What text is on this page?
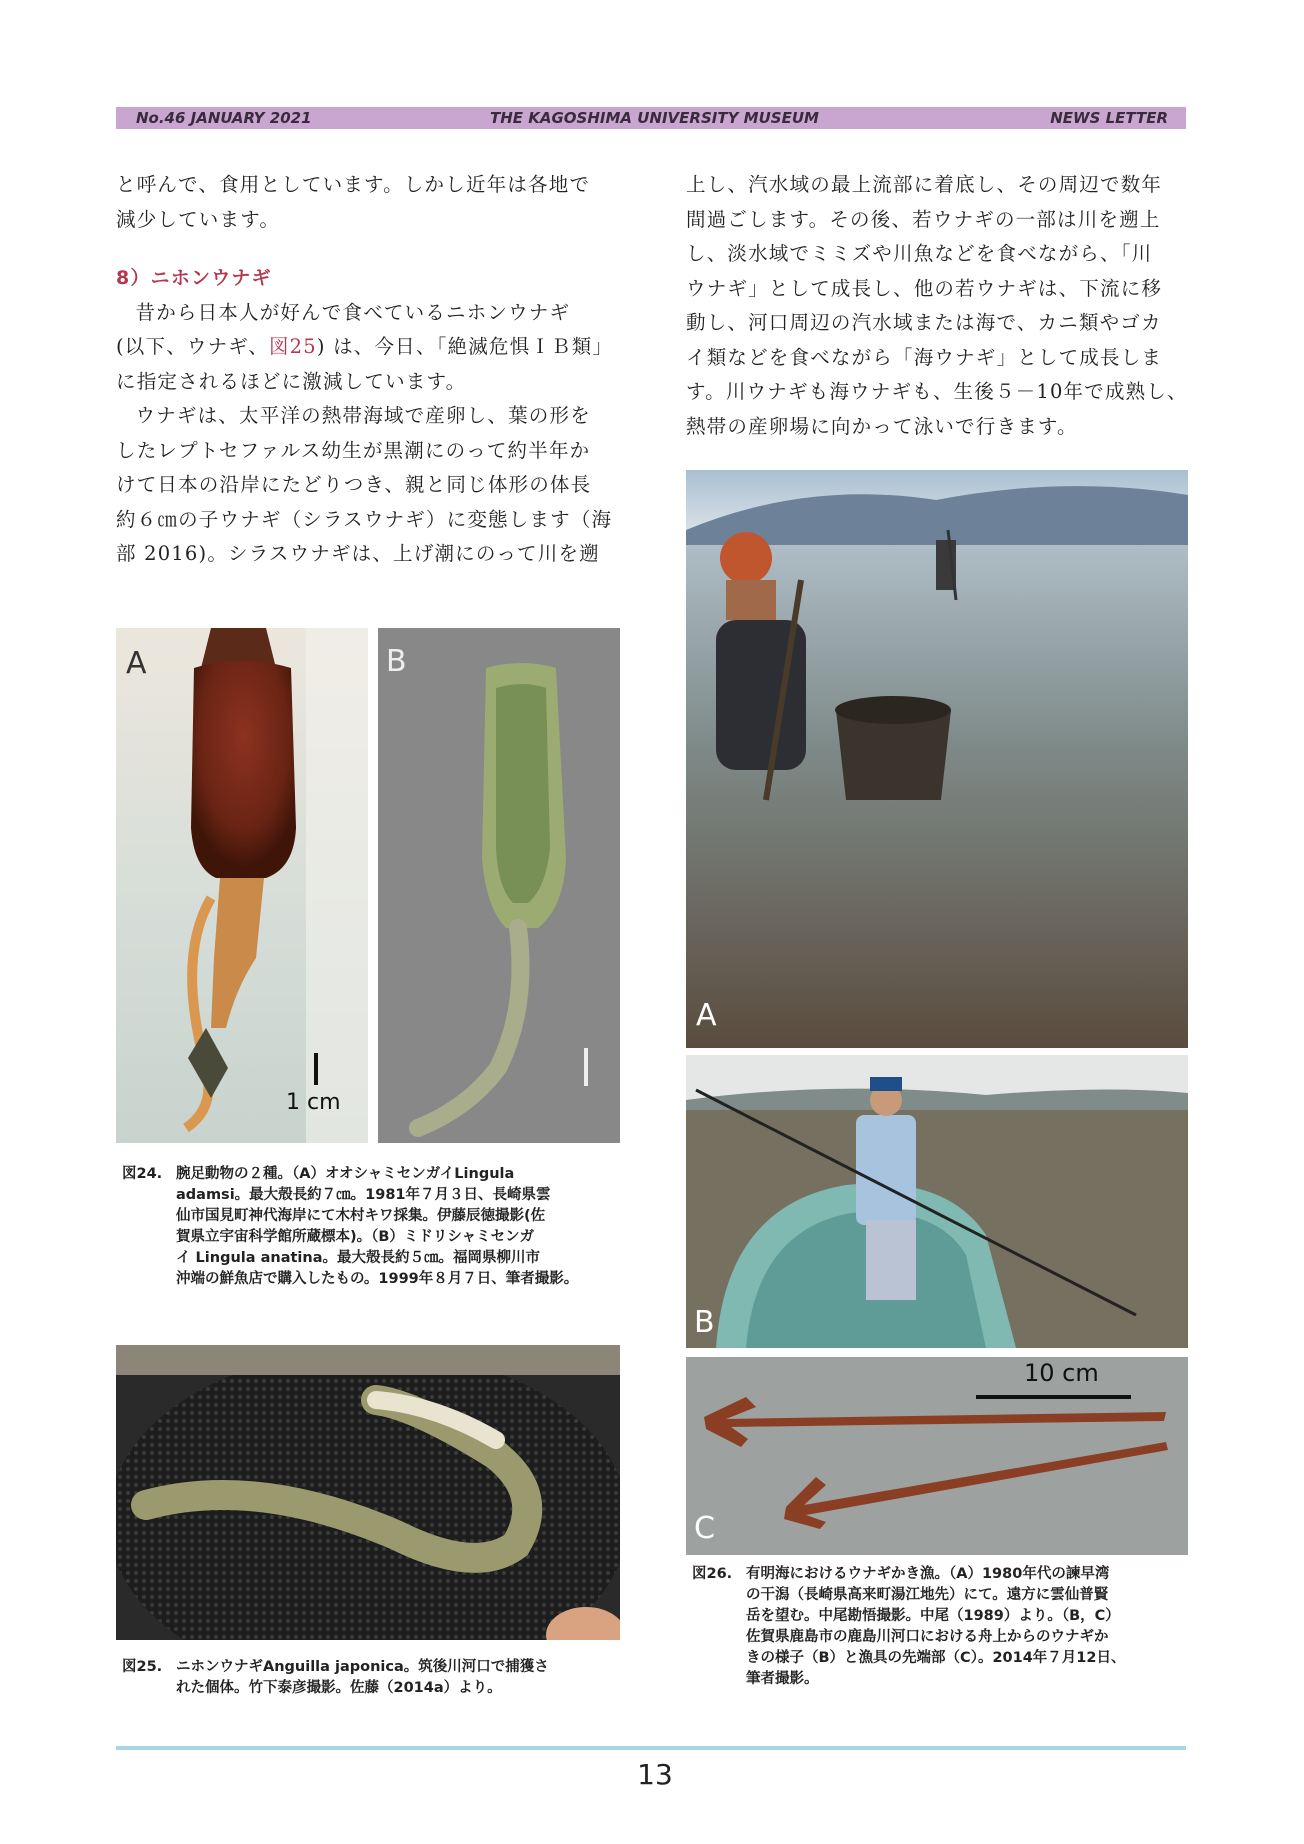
No.46 JANUARY 2021	THE KAGOSHIMA UNIVERSITY MUSEUM	NEWS LETTER

と呼んで、食用としています。しかし近年は各地で

減少しています。

8）ニホンウナギ

昔から日本人が好んで食べているニホンウナギ

(以下、ウナギ、図25) は、今日、「絶滅危惧ＩＢ類」

に指定されるほどに激減しています。

ウナギは、太平洋の熱帯海域で産卵し、葉の形を

したレプトセファルス幼生が黒潮にのって約半年か

けて日本の沿岸にたどりつき、親と同じ体形の体長

約６㎝の子ウナギ（シラスウナギ）に変態します（海

部 2016)。シラスウナギは、上げ潮にのって川を遡

上し、汽水域の最上流部に着底し、その周辺で数年

間過ごします。その後、若ウナギの一部は川を遡上

し、淡水域でミミズや川魚などを食べながら、「川

ウナギ」として成長し、他の若ウナギは、下流に移

動し、河口周辺の汽水域または海で、カニ類やゴカ

イ類などを食べながら「海ウナギ」として成長しま

す。川ウナギも海ウナギも、生後５－10年で成熟し、

熱帯の産卵場に向かって泳いで行きます。

A
1 cm
B
図24. 腕足動物の２種。（A）オオシャミセンガイLingula

adamsi。最大殻長約７㎝。1981年７月３日、長崎県雲

仙市国見町神代海岸にて木村キワ採集。伊藤辰徳撮影(佐

賀県立宇宙科学館所蔵標本)。（B）ミドリシャミセンガ

イ Lingula anatina。最大殻長約５㎝。福岡県柳川市

沖端の鮮魚店で購入したもの。1999年８月７日、筆者撮影。

図25. ニホンウナギAnguilla japonica。筑後川河口で捕獲さ

れた個体。竹下泰彦撮影。佐藤（2014a）より。

A
B
10 cm
C
図26. 有明海におけるウナギかき漁。（A）1980年代の諫早湾

の干潟（長崎県高来町湯江地先）にて。遠方に雲仙普賢

岳を望む。中尾勘悟撮影。中尾（1989）より。（B，C）

佐賀県鹿島市の鹿島川河口における舟上からのウナギか

きの様子（B）と漁具の先端部（C）。2014年７月12日、

筆者撮影。

13
